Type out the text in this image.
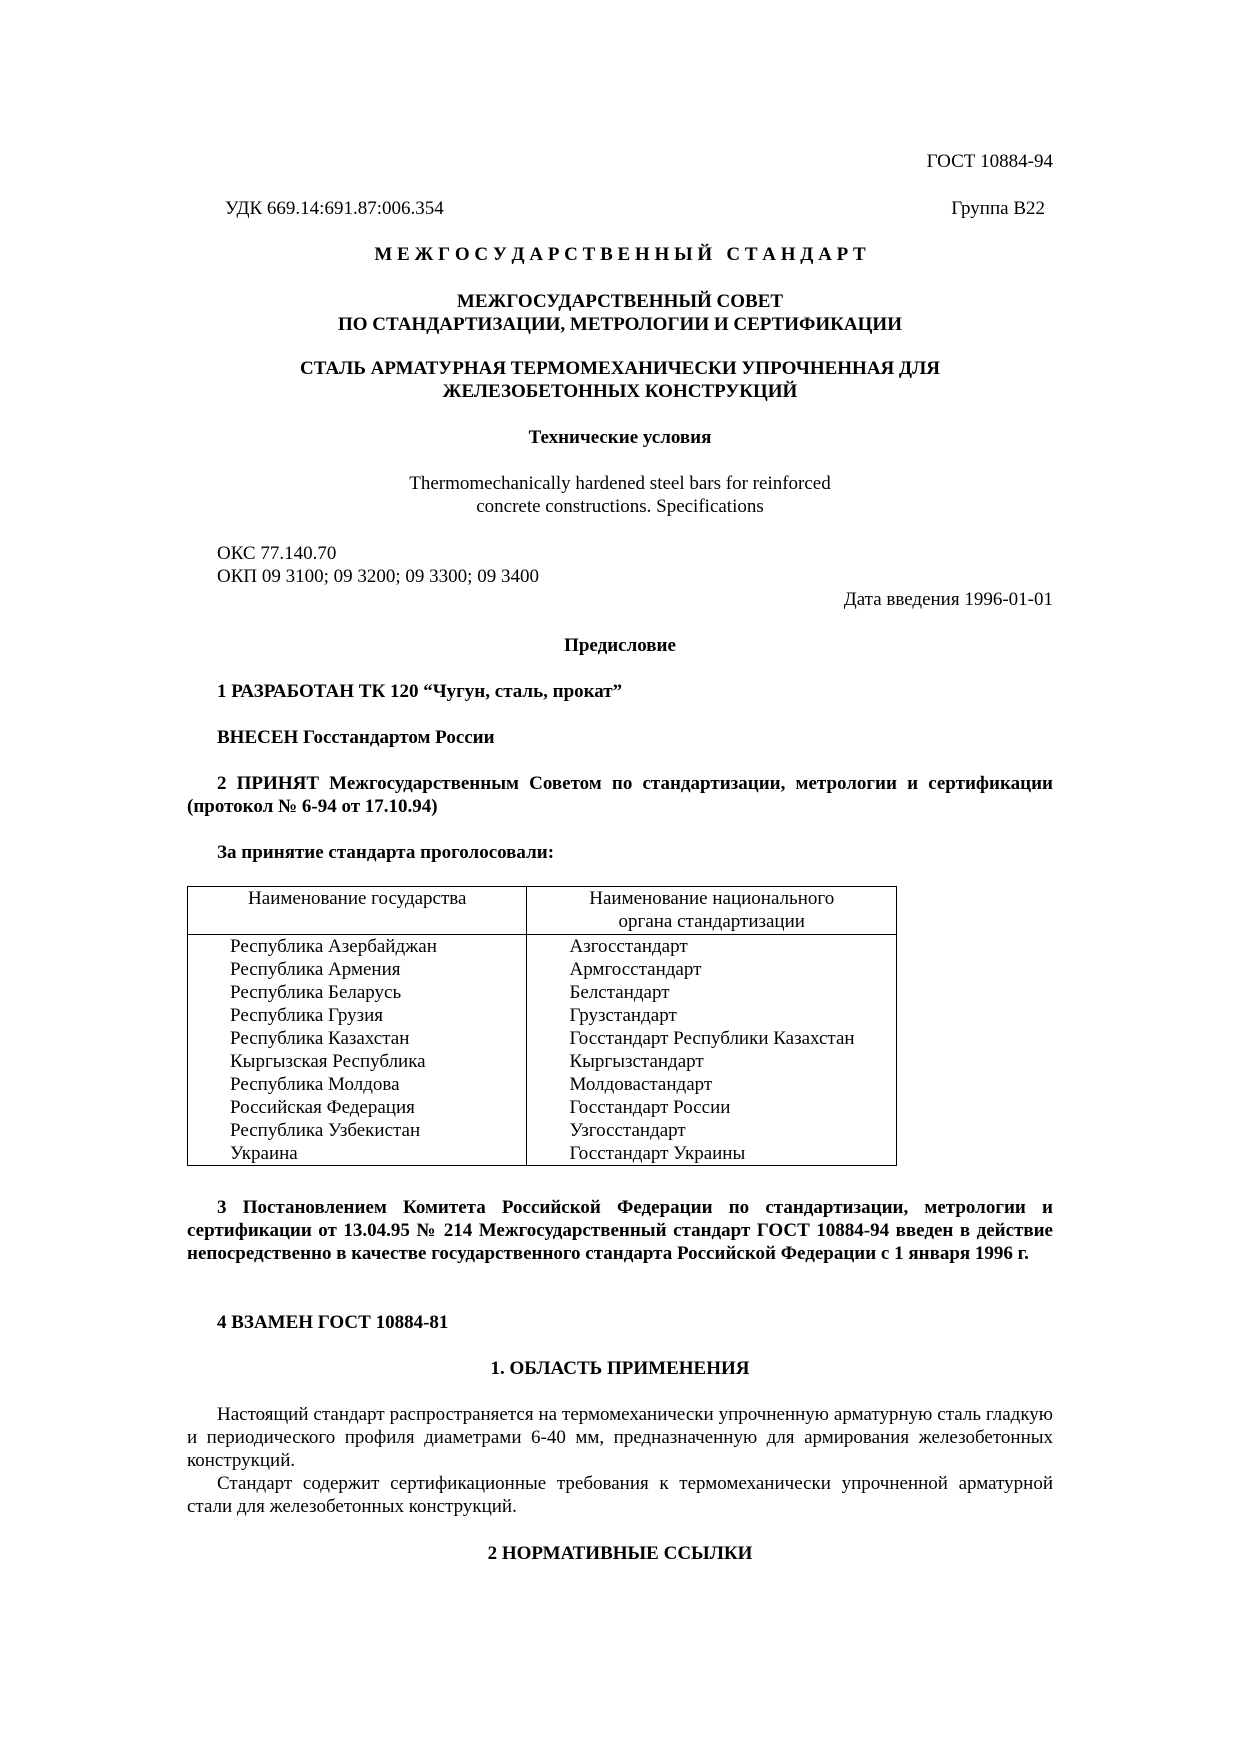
ГОСТ 10884-94
УДК 669.14:691.87:006.354	Группа В22
М Е Ж Г О С У Д А Р С Т В Е Н Н Ы Й   С Т А Н Д А Р Т
МЕЖГОСУДАРСТВЕННЫЙ СОВЕТ
ПО СТАНДАРТИЗАЦИИ, МЕТРОЛОГИИ И СЕРТИФИКАЦИИ
СТАЛЬ АРМАТУРНАЯ ТЕРМОМЕХАНИЧЕСКИ УПРОЧНЕННАЯ ДЛЯ
ЖЕЛЕЗОБЕТОННЫХ КОНСТРУКЦИЙ
Технические условия
Thermomechanically hardened steel bars for reinforced
concrete constructions. Specifications
ОКС 77.140.70
ОКП 09 3100; 09 3200; 09 3300; 09 3400
Дата введения 1996-01-01
Предисловие
1 РАЗРАБОТАН ТК 120 “Чугун, сталь, прокат”
ВНЕСЕН Госстандартом России
2 ПРИНЯТ Межгосударственным Советом по стандартизации, метрологии и сертификации (протокол № 6-94 от 17.10.94)
За принятие стандарта проголосовали:
Наименование государства	Наименование национального
органа стандартизации

Республика Азербайджан	Азгосстандарт
Республика Армения	Армгосстандарт
Республика Беларусь	Белстандарт
Республика Грузия	Грузстандарт
Республика Казахстан	Госстандарт Республики Казахстан
Кыргызская Республика	Кыргызстандарт
Республика Молдова	Молдовастандарт
Российская Федерация	Госстандарт России
Республика Узбекистан	Узгосстандарт
Украина	Госстандарт Украины
3 Постановлением Комитета Российской Федерации по стандартизации, метрологии и сертификации от 13.04.95 № 214 Межгосударственный стандарт ГОСТ 10884-94 введен в действие непосредственно в качестве государственного стандарта Российской Федерации с 1 января 1996 г.
4 ВЗАМЕН ГОСТ 10884-81
1. ОБЛАСТЬ ПРИМЕНЕНИЯ

Настоящий стандарт распространяется на термомеханически упрочненную арматурную сталь гладкую и периодического профиля диаметрами 6-40 мм, предназначенную для армирования железобетонных конструкций.

Стандарт содержит сертификационные требования к термомеханически упрочненной арматурной стали для железобетонных конструкций.

2 НОРМАТИВНЫЕ ССЫЛКИ
